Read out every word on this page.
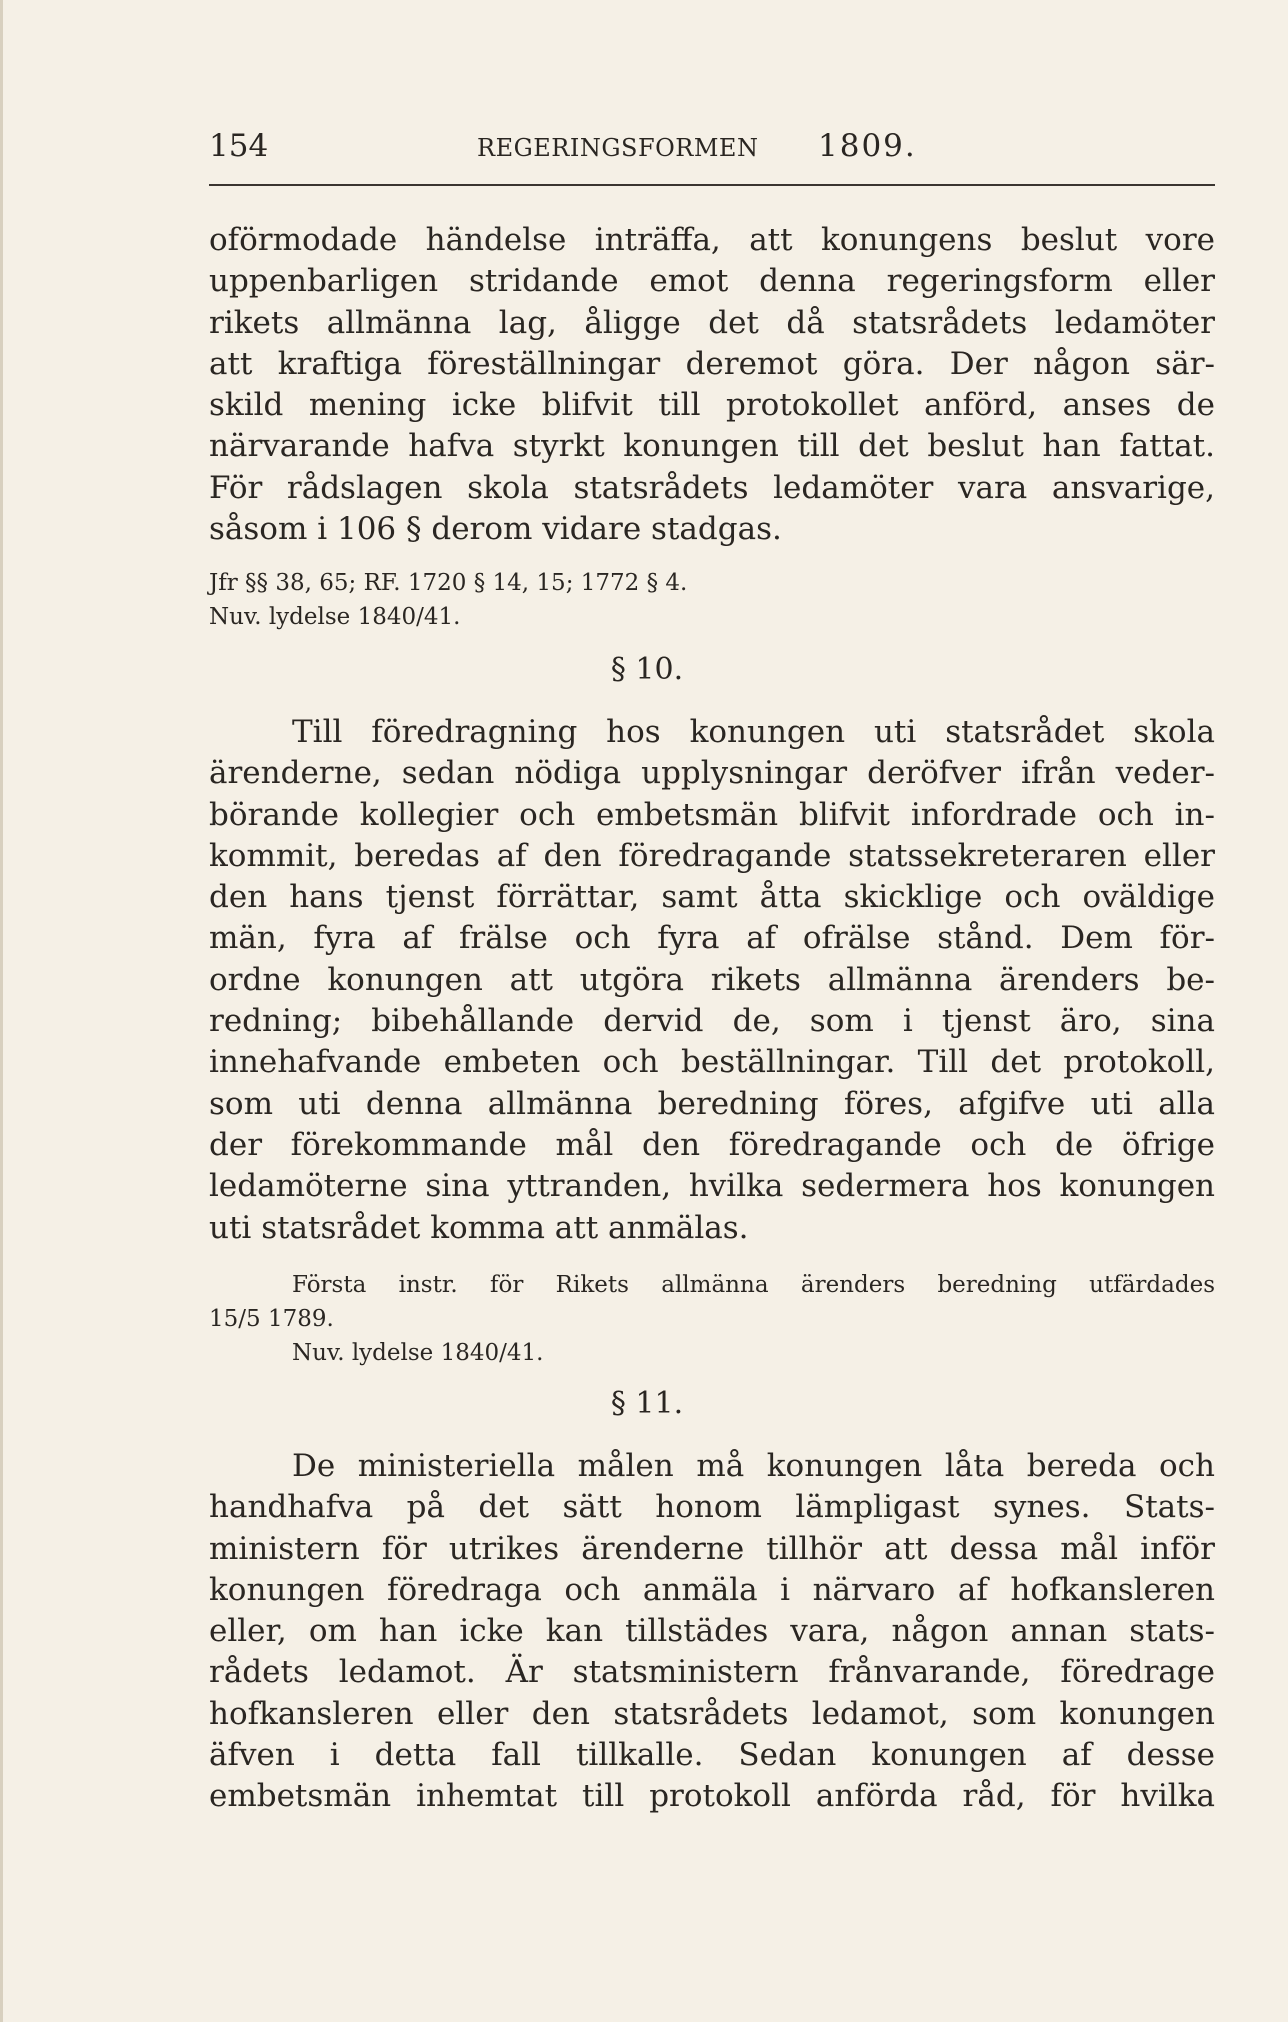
154	REGERINGSFORMEN 1809.
oförmodade händelse inträffa, att konungens beslut vore
uppenbarligen stridande emot denna regeringsform eller
rikets allmänna lag, åligge det då statsrådets ledamöter
att kraftiga föreställningar deremot göra. Der någon sär-
skild mening icke blifvit till protokollet anförd, anses de
närvarande hafva styrkt konungen till det beslut han fattat.
För rådslagen skola statsrådets ledamöter vara ansvarige,
såsom i 106 § derom vidare stadgas.
Jfr §§ 38, 65; RF. 1720 § 14, 15; 1772 § 4.
Nuv. lydelse 1840/41.
§ 10.
Till föredragning hos konungen uti statsrådet skola
ärenderne, sedan nödiga upplysningar deröfver ifrån veder-
börande kollegier och embetsmän blifvit infordrade och in-
kommit, beredas af den föredragande statssekreteraren eller
den hans tjenst förrättar, samt åtta skicklige och oväldige
män, fyra af frälse och fyra af ofrälse stånd. Dem för-
ordne konungen att utgöra rikets allmänna ärenders be-
redning; bibehållande dervid de, som i tjenst äro, sina
innehafvande embeten och beställningar. Till det protokoll,
som uti denna allmänna beredning föres, afgifve uti alla
der förekommande mål den föredragande och de öfrige
ledamöterne sina yttranden, hvilka sedermera hos konungen
uti statsrådet komma att anmälas.
Första instr. för Rikets allmänna ärenders beredning utfärdades
15/5 1789.
Nuv. lydelse 1840/41.
§ 11.
De ministeriella målen må konungen låta bereda och
handhafva på det sätt honom lämpligast synes. Stats-
ministern för utrikes ärenderne tillhör att dessa mål inför
konungen föredraga och anmäla i närvaro af hofkansleren
eller, om han icke kan tillstädes vara, någon annan stats-
rådets ledamot. Är statsministern frånvarande, föredrage
hofkansleren eller den statsrådets ledamot, som konungen
äfven i detta fall tillkalle. Sedan konungen af desse
embetsmän inhemtat till protokoll anförda råd, för hvilka
